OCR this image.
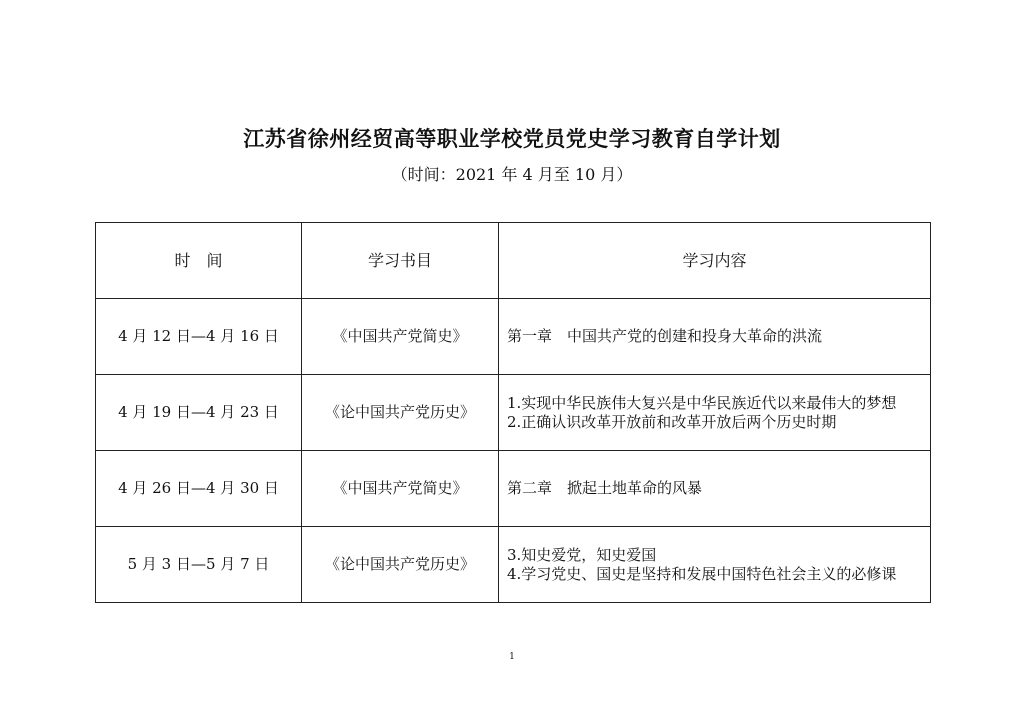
江苏省徐州经贸高等职业学校党员党史学习教育自学计划
（时间：2021 年 4 月至 10 月）
时　间	学习书目	学习内容
4 月 12 日—4 月 16 日	《中国共产党简史》	第一章　中国共产党的创建和投身大革命的洪流

4 月 19 日—4 月 23 日	《论中国共产党历史》	1.实现中华民族伟大复兴是中华民族近代以来最伟大的梦想
2.正确认识改革开放前和改革开放后两个历史时期

4 月 26 日—4 月 30 日	《中国共产党简史》	第二章　掀起土地革命的风暴

5 月 3 日—5 月 7 日	《论中国共产党历史》	3.知史爱党，知史爱国
4.学习党史、国史是坚持和发展中国特色社会主义的必修课
1
